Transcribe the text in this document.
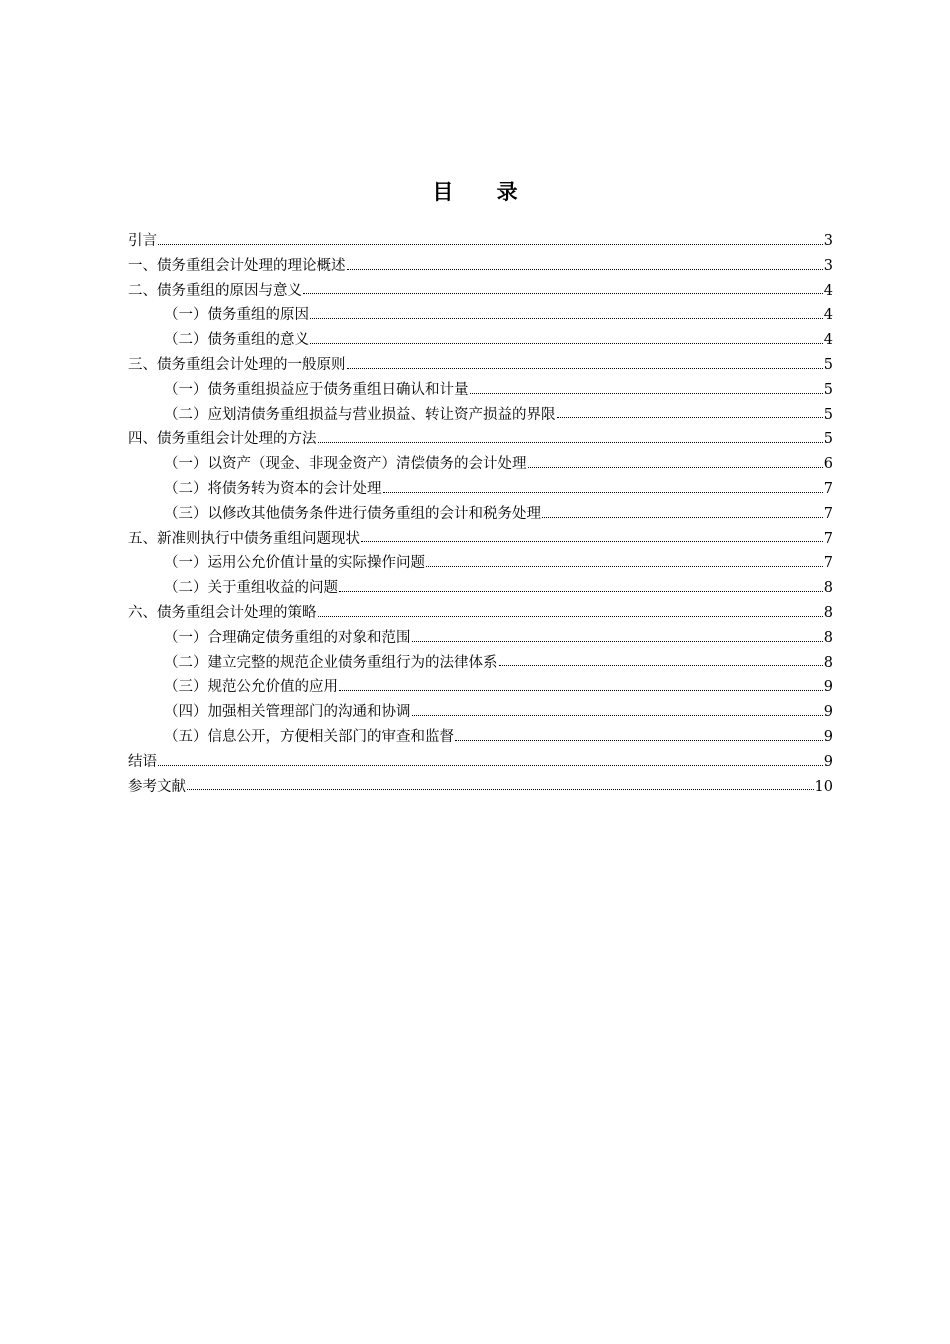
目 录
引言	3
一、债务重组会计处理的理论概述	3
二、债务重组的原因与意义	4
（一）债务重组的原因	4
（二）债务重组的意义	4
三、债务重组会计处理的一般原则	5
（一）债务重组损益应于债务重组日确认和计量	5
（二）应划清债务重组损益与营业损益、转让资产损益的界限	5
四、债务重组会计处理的方法	5
（一）以资产（现金、非现金资产）清偿债务的会计处理	6
（二）将债务转为资本的会计处理	7
（三）以修改其他债务条件进行债务重组的会计和税务处理	7
五、新准则执行中债务重组问题现状	7
（一）运用公允价值计量的实际操作问题	7
（二）关于重组收益的问题	8
六、债务重组会计处理的策略	8
（一）合理确定债务重组的对象和范围	8
（二）建立完整的规范企业债务重组行为的法律体系	8
（三）规范公允价值的应用	9
（四）加强相关管理部门的沟通和协调	9
（五）信息公开，方便相关部门的审查和监督	9
结语	9
参考文献	10
